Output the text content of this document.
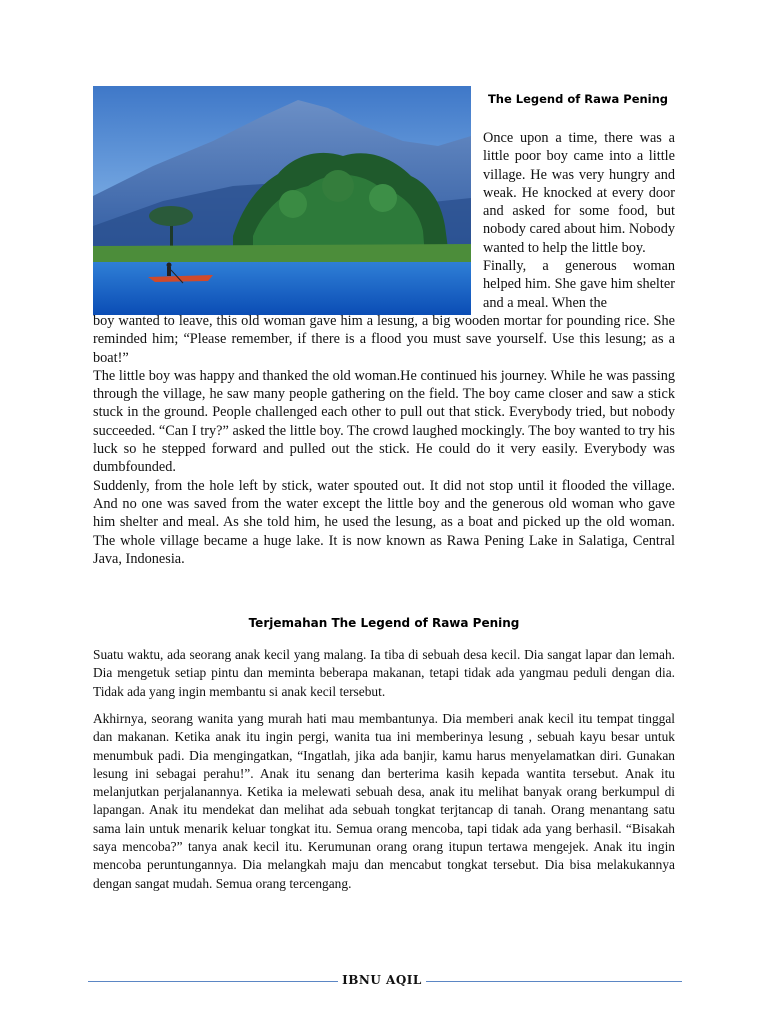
The Legend of Rawa Pening

Once upon a time, there was a little poor boy came into a little village. He was very hungry and weak. He knocked at every door and asked for some food, but nobody cared about him. Nobody wanted to help the little boy.

Finally, a generous woman helped him. She gave him shelter and a meal. When the

boy wanted to leave, this old woman gave him a lesung, a big wooden mortar for pounding rice. She reminded him; “Please remember, if there is a flood you must save yourself. Use this lesung; as a boat!”

The little boy was happy and thanked the old woman.He continued his journey. While he was passing through the village, he saw many people gathering on the field. The boy came closer and saw a stick stuck in the ground. People challenged each other to pull out that stick. Everybody tried, but nobody succeeded. “Can I try?” asked the little boy. The crowd laughed mockingly. The boy wanted to try his luck so he stepped forward and pulled out the stick. He could do it very easily. Everybody was dumbfounded.

Suddenly, from the hole left by stick, water spouted out. It did not stop until it flooded the village. And no one was saved from the water except the little boy and the generous old woman who gave him shelter and meal. As she told him, he used the lesung, as a boat and picked up the old woman. The whole village became a huge lake. It is now known as Rawa Pening Lake in Salatiga, Central Java, Indonesia.

Terjemahan The Legend of Rawa Pening

Suatu waktu, ada seorang anak kecil yang malang. Ia tiba di sebuah desa kecil. Dia sangat lapar dan lemah. Dia mengetuk setiap pintu dan meminta beberapa makanan, tetapi tidak ada yangmau peduli dengan dia. Tidak ada yang ingin membantu si anak kecil tersebut.

Akhirnya, seorang wanita yang murah hati mau membantunya. Dia memberi anak kecil itu tempat tinggal dan makanan. Ketika anak itu ingin pergi, wanita tua ini memberinya lesung , sebuah kayu besar untuk menumbuk padi. Dia mengingatkan, “Ingatlah, jika ada banjir, kamu harus menyelamatkan diri. Gunakan lesung ini sebagai perahu!”. Anak itu senang dan berterima kasih kepada wantita tersebut. Anak itu melanjutkan perjalanannya. Ketika ia melewati sebuah desa, anak itu melihat banyak orang berkumpul di lapangan. Anak itu mendekat dan melihat ada sebuah tongkat terjtancap di tanah. Orang menantang satu sama lain untuk menarik keluar tongkat itu. Semua orang mencoba, tapi tidak ada yang berhasil. “Bisakah saya mencoba?” tanya anak kecil itu. Kerumunan orang orang itupun tertawa mengejek. Anak itu ingin mencoba peruntungannya. Dia melangkah maju dan mencabut tongkat tersebut. Dia bisa melakukannya dengan sangat mudah. Semua orang tercengang.

IBNU AQIL
